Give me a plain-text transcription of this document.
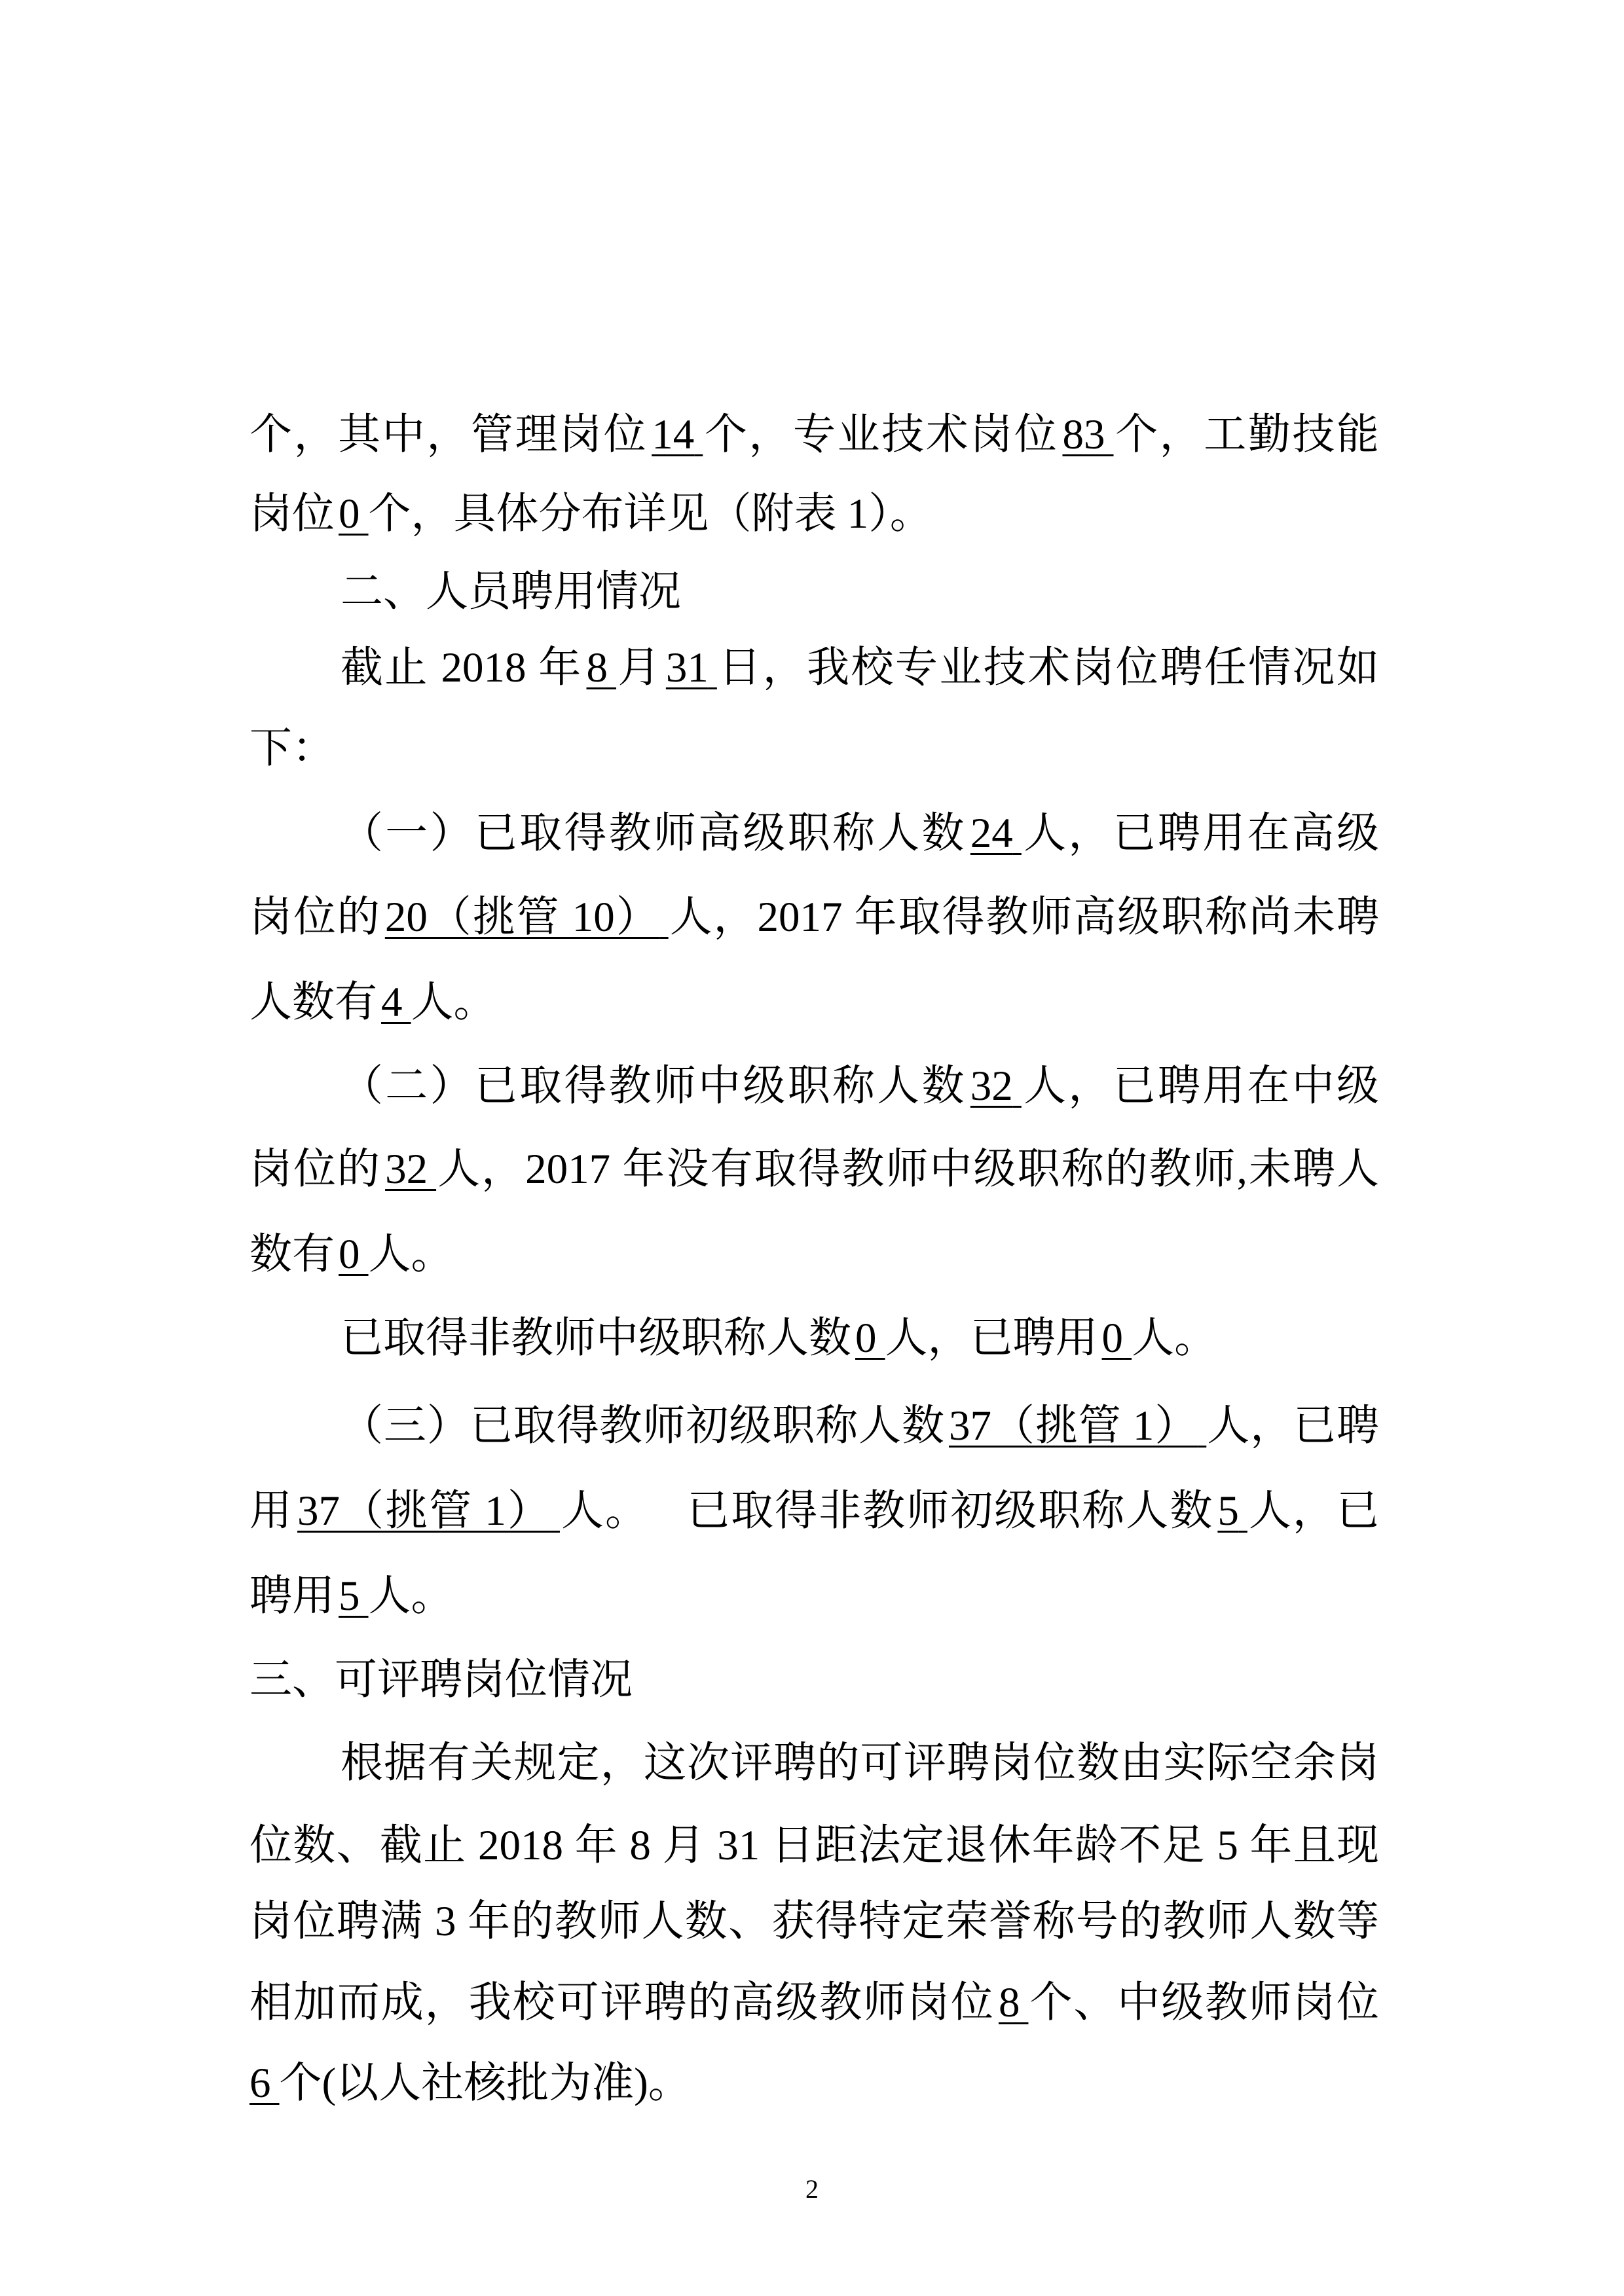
个，其中，管理岗位14 个，专业技术岗位83 个，工勤技能
岗位0 个，具体分布详见（附表 1）。
二、人员聘用情况
截止 2018 年8 月31 日，我校专业技术岗位聘任情况如
下：
（一）已取得教师高级职称人数24 人，已聘用在高级
岗位的20（挑管 10） 人，2017 年取得教师高级职称尚未聘
人数有4 人。
（二）已取得教师中级职称人数32 人，已聘用在中级
岗位的32 人，2017 年没有取得教师中级职称的教师,未聘人
数有0 人。
已取得非教师中级职称人数0 人，已聘用0 人。
（三）已取得教师初级职称人数37（挑管 1） 人，已聘
用37（挑管 1） 人。 已取得非教师初级职称人数5 人，已
聘用5 人。
三、可评聘岗位情况
根据有关规定，这次评聘的可评聘岗位数由实际空余岗
位数、截止 2018 年 8 月 31 日距法定退休年龄不足 5 年且现
岗位聘满 3 年的教师人数、获得特定荣誉称号的教师人数等
相加而成，我校可评聘的高级教师岗位8 个、中级教师岗位
6 个(以人社核批为准)。
2
